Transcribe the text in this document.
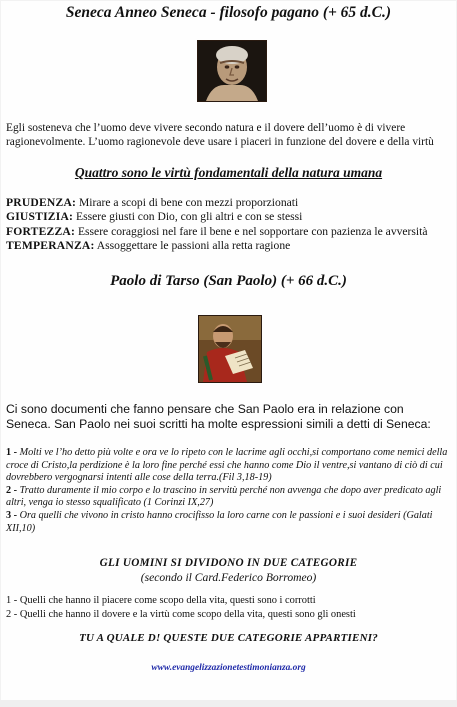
Seneca Anneo Seneca - filosofo pagano (+ 65 d.C.)
Egli sosteneva che l’uomo deve vivere secondo natura e il dovere dell’uomo è di vivere ragionevolmente. L’uomo ragionevole deve usare i piaceri in funzione del dovere e della virtù
Quattro sono le virtù fondamentali della natura umana
PRUDENZA: Mirare a scopi di bene con mezzi proporzionati
GIUSTIZIA: Essere giusti con Dio, con gli altri e con se stessi
FORTEZZA: Essere coraggiosi nel fare il bene e nel sopportare con pazienza le avversità
TEMPERANZA: Assoggettare le passioni alla retta ragione
Paolo di Tarso (San Paolo) (+ 66 d.C.)
Ci sono documenti che fanno pensare che San Paolo era in relazione con Seneca. San Paolo nei suoi scritti ha molte espressioni simili a detti di Seneca:
1 - Molti ve l’ho detto più volte e ora ve lo ripeto con le lacrime agli occhi,si comportano come nemici della croce di Cristo,la perdizione è la loro fine perché essi che hanno come Dio il ventre,si vantano di ciò di cui dovrebbero vergognarsi intenti alle cose della terra.(Fil 3,18-19)
2 - Tratto duramente il mio corpo e lo trascino in servitù perché non avvenga che dopo aver predicato agli altri, venga io stesso squalificato (1 Corinzi IX,27)
3 - Ora quelli che vivono in cristo hanno crocifisso la loro carne con le passioni e i suoi desideri (Galati XII,10)
GLI UOMINI SI DIVIDONO IN DUE CATEGORIE
(secondo il Card.Federico Borromeo)
1 - Quelli che hanno il piacere come scopo della vita, questi sono i corrotti
2 - Quelli che hanno il dovere e la virtù come scopo della vita, questi sono gli onesti
TU A QUALE D! QUESTE DUE CATEGORIE APPARTIENI?
www.evangelizzazionetestimonianza.org
